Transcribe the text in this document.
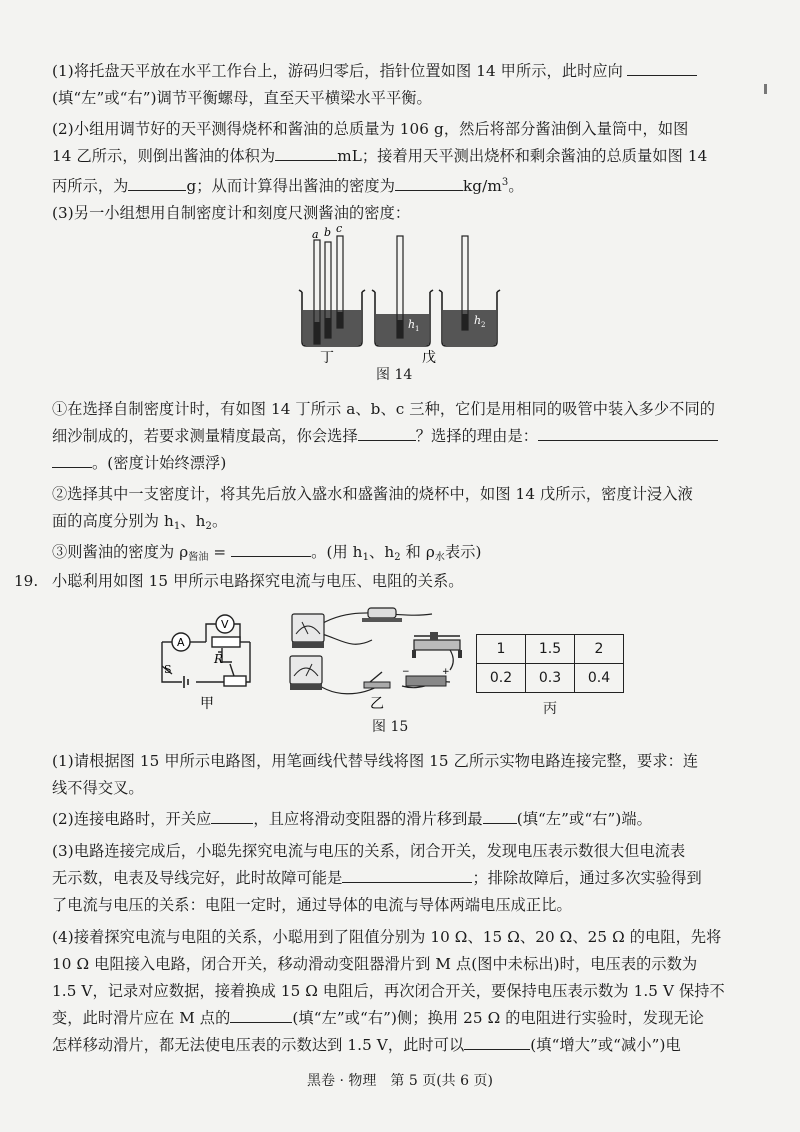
(1)将托盘天平放在水平工作台上，游码归零后，指针位置如图 14 甲所示，此时应向
(填“左”或“右”)调节平衡螺母，直至天平横梁水平平衡。
(2)小组用调节好的天平测得烧杯和酱油的总质量为 106 g，然后将部分酱油倒入量筒中，如图
14 乙所示，则倒出酱油的体积为	mL；接着用天平测出烧杯和剩余酱油的总质量如图 14
丙所示，为	g；从而计算得出酱油的密度为	$kg/m^3$。
(3)另一小组想用自制密度计和刻度尺测酱油的密度：
a b c
h 1
h 2
丁	戊
图 14
①在选择自制密度计时，有如图 14 丁所示 a、b、c 三种，它们是用相同的吸管中装入多少不同的
细沙制成的，若要求测量精度最高，你会选择	？选择的理由是：
。(密度计始终漂浮)
②选择其中一支密度计，将其先后放入盛水和盛酱油的烧杯中，如图 14 戊所示，密度计浸入液
面的高度分别为 $h_1$、$h_2$。
③则酱油的密度为 $\rho_{酱油}$ =	。(用 $h_1$、$h_2$ 和 $\rho_水$表示)
19. 小聪利用如图 15 甲所示电路探究电流与电压、电阻的关系。
A
V
R
S
甲
−	+
乙
1	1.5	2
0.2	0.3	0.4
丙
图 15
(1)请根据图 15 甲所示电路图，用笔画线代替导线将图 15 乙所示实物电路连接完整，要求：连
线不得交叉。
(2)连接电路时，开关应	，且应将滑动变阻器的滑片移到最 (填“左”或“右”)端。
(3)电路连接完成后，小聪先探究电流与电压的关系，闭合开关，发现电压表示数很大但电流表
无示数，电表及导线完好，此时故障可能是	；排除故障后，通过多次实验得到
了电流与电压的关系：电阻一定时，通过导体的电流与导体两端电压成正比。
(4)接着探究电流与电阻的关系，小聪用到了阻值分别为 10 Ω、15 Ω、20 Ω、25 Ω 的电阻，先将
10 Ω 电阻接入电路，闭合开关，移动滑动变阻器滑片到 M 点(图中未标出)时，电压表的示数为
1.5 V，记录对应数据，接着换成 15 Ω 电阻后，再次闭合开关，要保持电压表示数为 1.5 V 保持不
变，此时滑片应在 M 点的	(填“左”或“右”)侧；换用 25 Ω 的电阻进行实验时，发现无论
怎样移动滑片，都无法使电压表的示数达到 1.5 V，此时可以	(填“增大”或“减小”)电
黑卷 · 物理　第 5 页(共 6 页)
